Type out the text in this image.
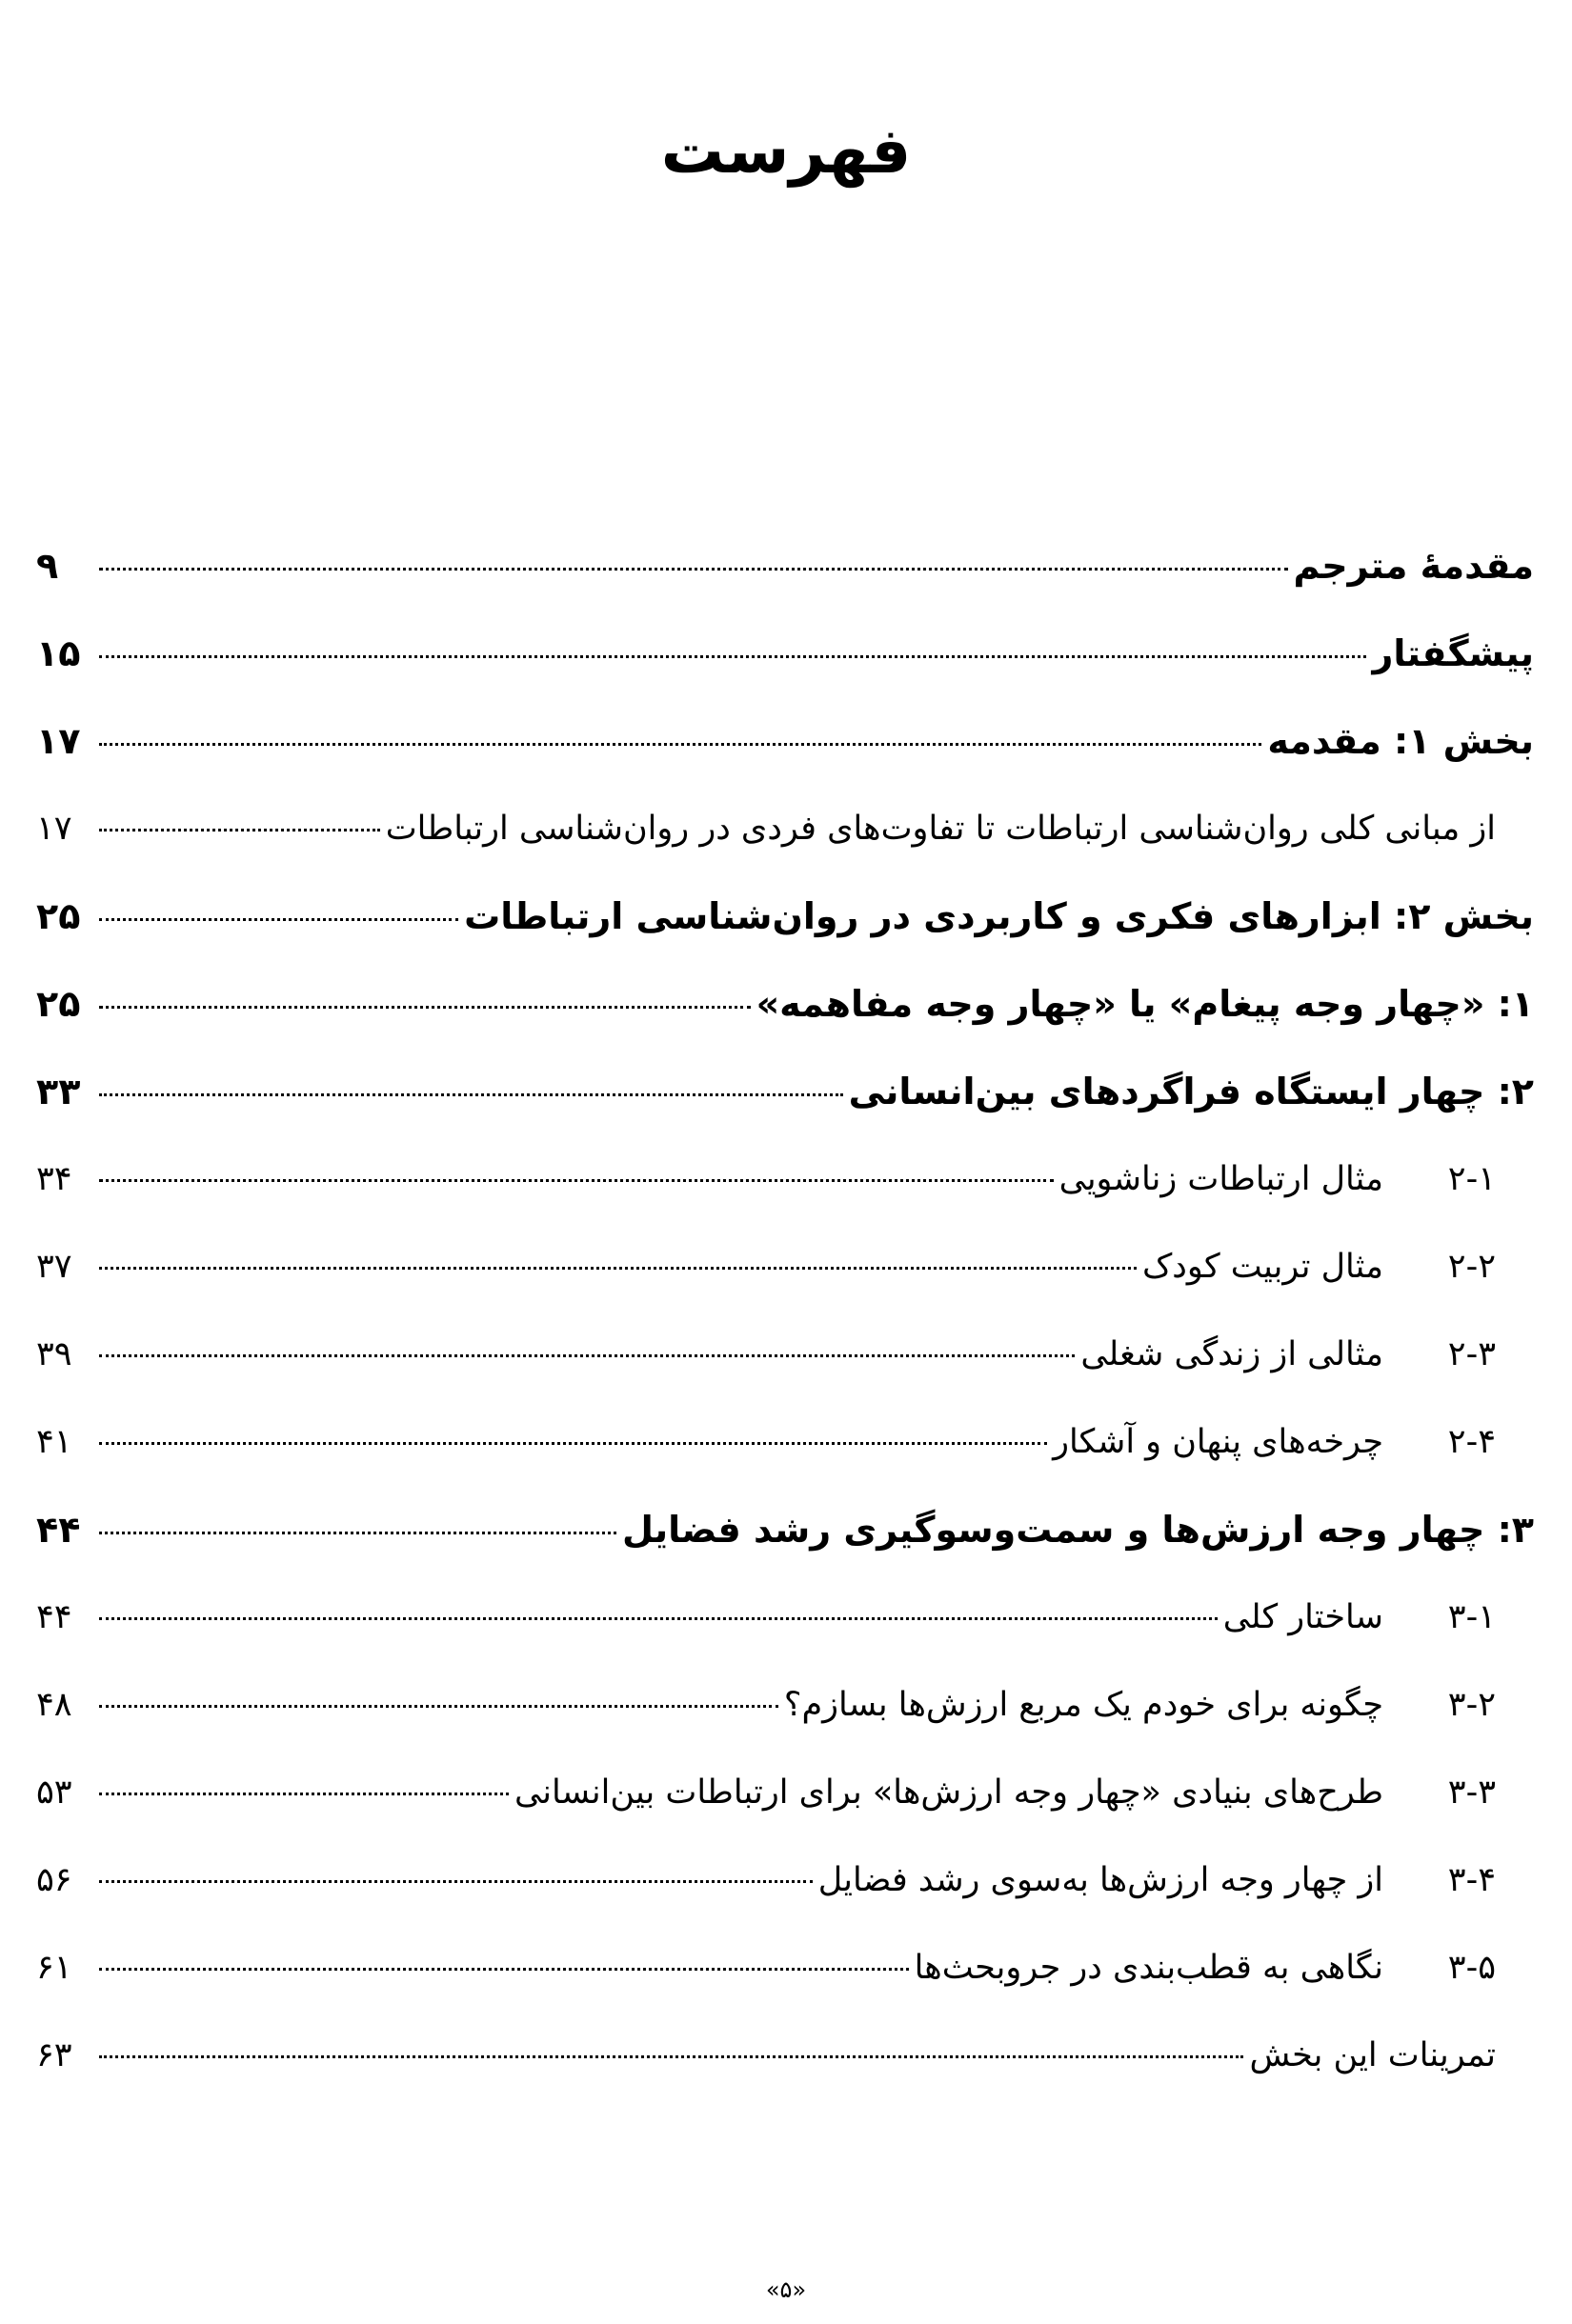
فهرست
مقدمهٔ مترجم
۹
پیشگفتار
۱۵
بخش ۱: مقدمه
۱۷
از مبانی کلی روان‌شناسی ارتباطات تا تفاوت‌های فردی در روان‌شناسی ارتباطات
۱۷
بخش ۲: ابزارهای فکری و کاربردی در روان‌شناسی ارتباطات
۲۵
۱: «چهار وجه پیغام» یا «چهار وجه مفاهمه»
۲۵
۲: چهار ایستگاه فراگردهای بین‌انسانی
۳۳
۲-۱
مثال ارتباطات زناشویی
۳۴
۲-۲
مثال تربیت کودک
۳۷
۲-۳
مثالی از زندگی شغلی
۳۹
۲-۴
چرخه‌های پنهان و آشکار
۴۱
۳: چهار وجه ارزش‌ها و سمت‌وسوگیری رشد فضایل
۴۴
۳-۱
ساختار کلی
۴۴
۳-۲
چگونه برای خودم یک مربع ارزش‌ها بسازم؟
۴۸
۳-۳
طرح‌های بنیادی «چهار وجه ارزش‌ها» برای ارتباطات بین‌انسانی
۵۳
۳-۴
از چهار وجه ارزش‌ها به‌سوی رشد فضایل
۵۶
۳-۵
نگاهی به قطب‌بندی در جروبحث‌ها
۶۱
تمرینات این بخش
۶۳
«۵»
